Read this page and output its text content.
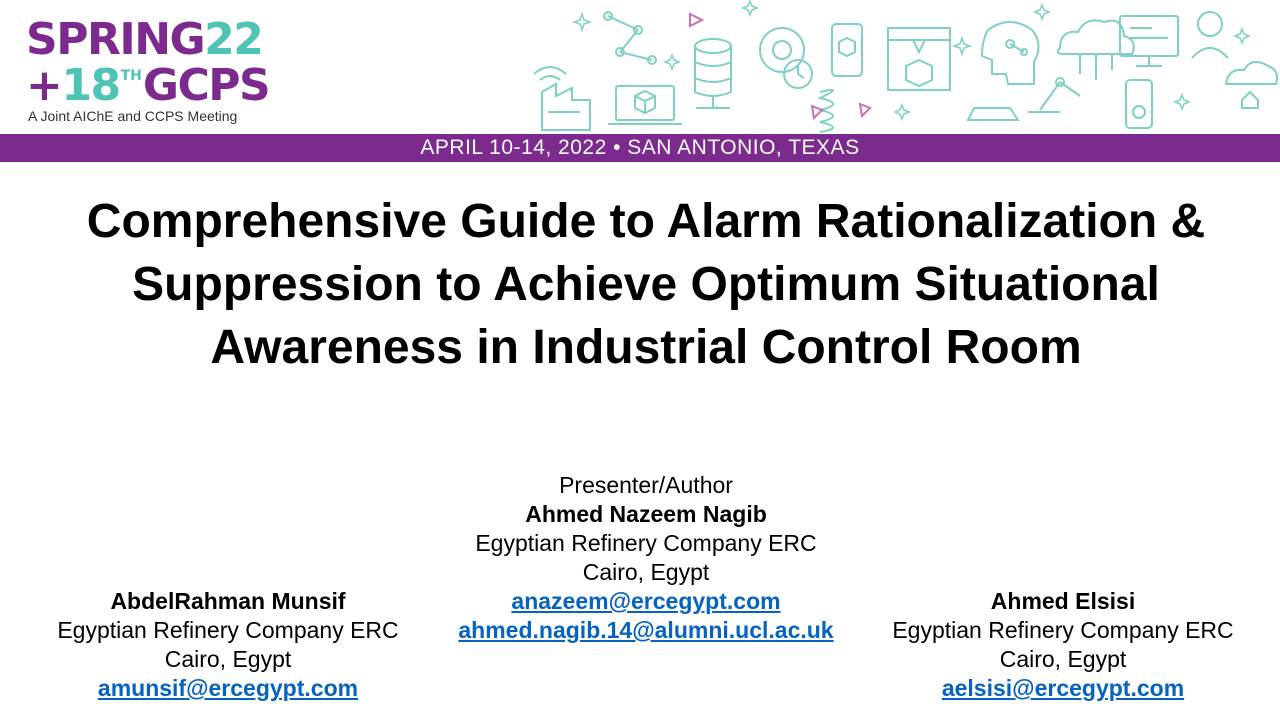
SPRING22
+18THGCPS
A Joint AIChE and CCPS Meeting
APRIL 10-14, 2022 • SAN ANTONIO, TEXAS
Comprehensive Guide to Alarm Rationalization & Suppression to Achieve Optimum Situational Awareness in Industrial Control Room
Presenter/Author
Ahmed Nazeem Nagib
Egyptian Refinery Company ERC
Cairo, Egypt
anazeem@ercegypt.com
ahmed.nagib.14@alumni.ucl.ac.uk
AbdelRahman Munsif
Egyptian Refinery Company ERC
Cairo, Egypt
amunsif@ercegypt.com
Ahmed Elsisi
Egyptian Refinery Company ERC
Cairo, Egypt
aelsisi@ercegypt.com
